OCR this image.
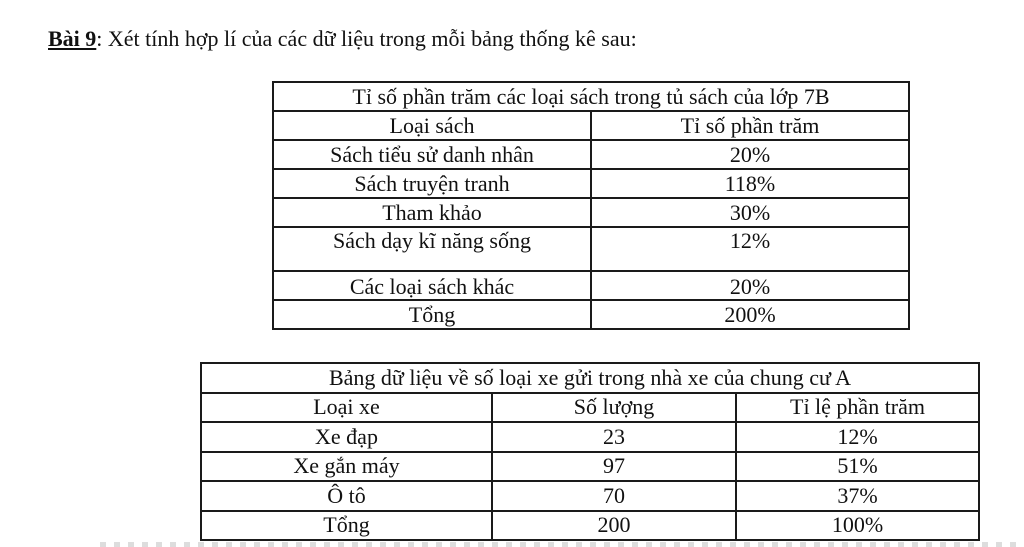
Bài 9: Xét tính hợp lí của các dữ liệu trong mỗi bảng thống kê sau:
Tỉ số phần trăm các loại sách trong tủ sách của lớp 7B	
Loại sách	Tỉ số phần trăm
Sách tiểu sử danh nhân	20%
Sách truyện tranh	118%
Tham khảo	30%
Sách dạy kĩ năng sống	12%
Các loại sách khác	20%
Tổng	200%
Bảng dữ liệu về số loại xe gửi trong nhà xe của chung cư A		
Loại xe	Số lượng	Tỉ lệ phần trăm
Xe đạp	23	12%
Xe gắn máy	97	51%
Ô tô	70	37%
Tổng	200	100%
